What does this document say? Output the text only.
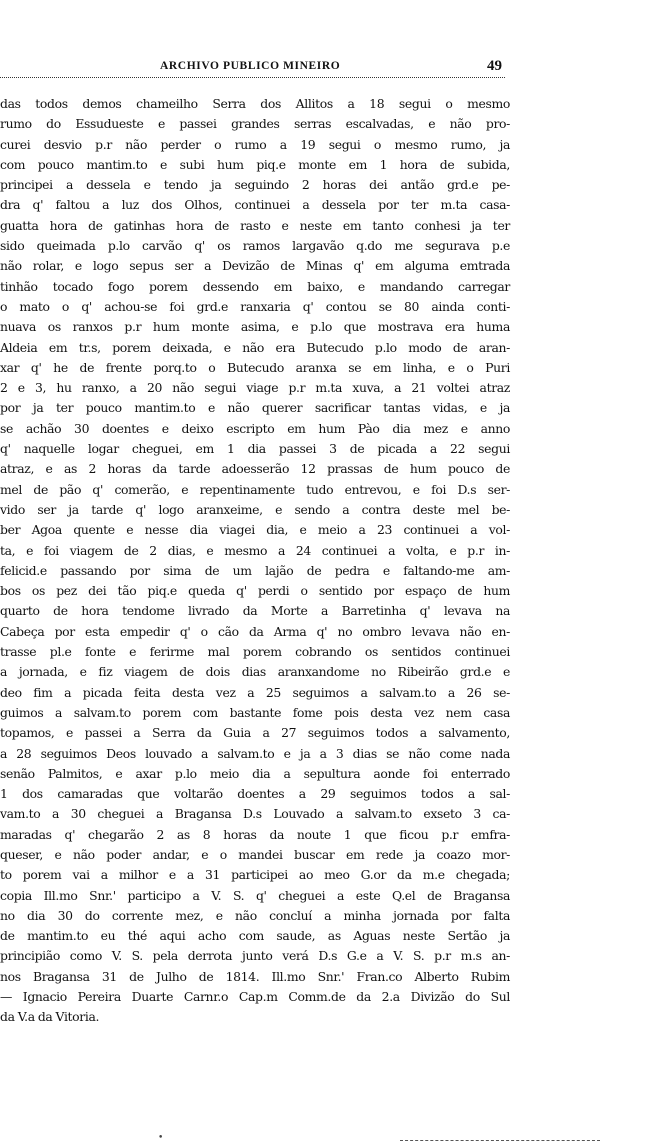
ARCHIVO PUBLICO MINEIRO	49
das todos demos chameilho Serra dos Allitos a 18 segui o mesmo
rumo do Essudueste e passei grandes serras escalvadas, e não pro-
curei desvio p.r não perder o rumo a 19 segui o mesmo rumo, ja
com pouco mantim.to e subi hum piq.e monte em 1 hora de subida,
principei a dessela e tendo ja seguindo 2 horas dei antão grd.e pe-
dra q' faltou a luz dos Olhos, continuei a dessela por ter m.ta casa-
guatta hora de gatinhas hora de rasto e neste em tanto conhesi ja ter
sido queimada p.lo carvão q' os ramos largavão q.do me segurava p.e
não rolar, e logo sepus ser a Devizão de Minas q' em alguma emtrada
tinhão tocado fogo porem dessendo em baixo, e mandando carregar
o mato o q' achou-se foi grd.e ranxaria q' contou se 80 ainda conti-
nuava os ranxos p.r hum monte asima, e p.lo que mostrava era huma
Aldeia em tr.s, porem deixada, e não era Butecudo p.lo modo de aran-
xar q' he de frente porq.to o Butecudo aranxa se em linha, e o Puri
2 e 3, hu ranxo, a 20 não segui viage p.r m.ta xuva, a 21 voltei atraz
por ja ter pouco mantim.to e não querer sacrificar tantas vidas, e ja
se achão 30 doentes e deixo escripto em hum Pào dia mez e anno
q' naquelle logar cheguei, em 1 dia passei 3 de picada a 22 segui
atraz, e as 2 horas da tarde adoesserão 12 prassas de hum pouco de
mel de pão q' comerão, e repentinamente tudo entrevou, e foi D.s ser-
vido ser ja tarde q' logo aranxeime, e sendo a contra deste mel be-
ber Agoa quente e nesse dia viagei dia, e meio a 23 continuei a vol-
ta, e foi viagem de 2 dias, e mesmo a 24 continuei a volta, e p.r in-
felicid.e passando por sima de um lajão de pedra e faltando-me am-
bos os pez dei tão piq.e queda q' perdi o sentido por espaço de hum
quarto de hora tendome livrado da Morte a Barretinha q' levava na
Cabeça por esta empedir q' o cão da Arma q' no ombro levava não en-
trasse pl.e fonte e ferirme mal porem cobrando os sentidos continuei
a jornada, e fiz viagem de dois dias aranxandome no Ribeirão grd.e e
deo fim a picada feita desta vez a 25 seguimos a salvam.to a 26 se-
guimos a salvam.to porem com bastante fome pois desta vez nem casa
topamos, e passei a Serra da Guia a 27 seguimos todos a salvamento,
a 28 seguimos Deos louvado a salvam.to e ja a 3 dias se não come nada
senão Palmitos, e axar p.lo meio dia a sepultura aonde foi enterrado
1 dos camaradas que voltarão doentes a 29 seguimos todos a sal-
vam.to a 30 cheguei a Bragansa D.s Louvado a salvam.to exseto 3 ca-
maradas q' chegarão 2 as 8 horas da noute 1 que ficou p.r emfra-
queser, e não poder andar, e o mandei buscar em rede ja coazo mor-
to porem vai a milhor e a 31 participei ao meo G.or da m.e chegada;
copia Ill.mo Snr.' participo a V. S. q' cheguei a este Q.el de Bragansa
no dia 30 do corrente mez, e não concluí a minha jornada por falta
de mantim.to eu thé aqui acho com saude, as Aguas neste Sertão ja
principião como V. S. pela derrota junto verá D.s G.e a V. S. p.r m.s an-
nos Bragansa 31 de Julho de 1814. Ill.mo Snr.' Fran.co Alberto Rubim
— Ignacio Pereira Duarte Carnr.o Cap.m Comm.de da 2.a Divizão do Sul
da V.a da Vitoria.
•
